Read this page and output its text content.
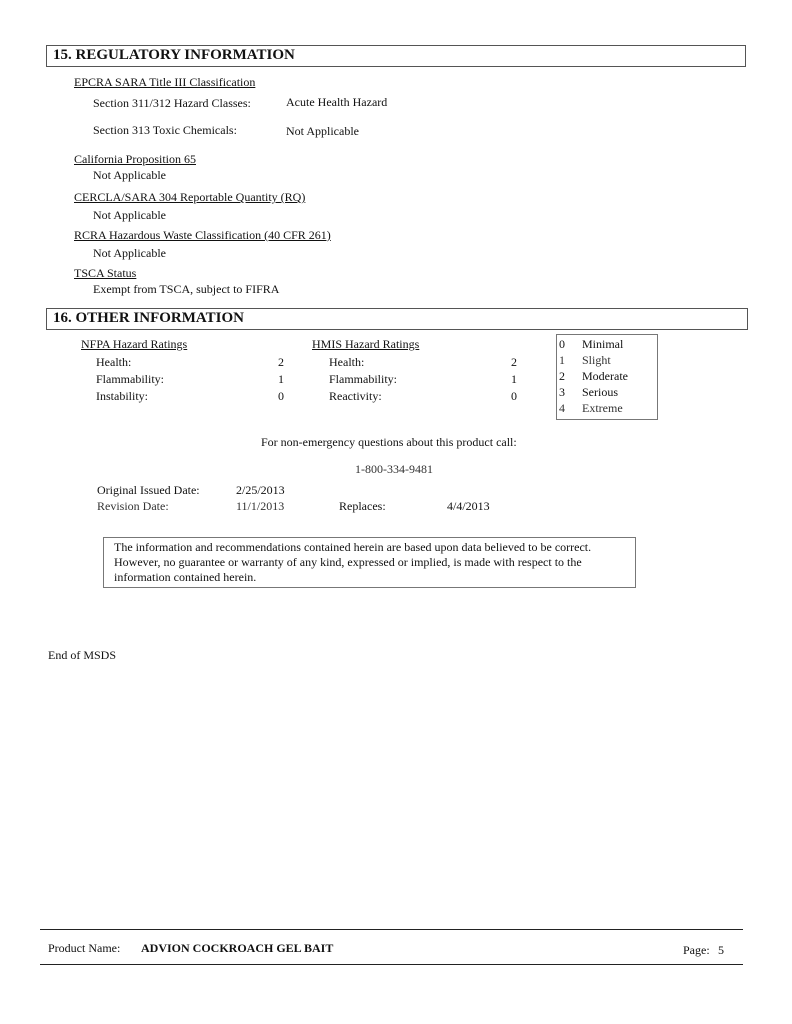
15. REGULATORY INFORMATION
EPCRA SARA Title III Classification
Section 311/312 Hazard Classes:	Acute Health Hazard
Section 313 Toxic Chemicals:	Not Applicable
California Proposition 65
Not Applicable
CERCLA/SARA 304 Reportable Quantity (RQ)
Not Applicable
RCRA Hazardous Waste Classification (40 CFR 261)
Not Applicable
TSCA Status
Exempt from TSCA, subject to FIFRA
16. OTHER INFORMATION
NFPA Hazard Ratings
Health:	2
Flammability:	1
Instability:	0
HMIS Hazard Ratings
Health:	2
Flammability:	1
Reactivity:	0
0 Minimal
1 Slight
2 Moderate
3 Serious
4 Extreme
For non-emergency questions about this product call:
1-800-334-9481
Original Issued Date:	2/25/2013
Revision Date:	11/1/2013	Replaces:	4/4/2013
The information and recommendations contained herein are based upon data believed to be correct. However, no guarantee or warranty of any kind, expressed or implied, is made with respect to the information contained herein.
End of MSDS
Product Name: ADVION COCKROACH GEL BAIT	Page: 5
